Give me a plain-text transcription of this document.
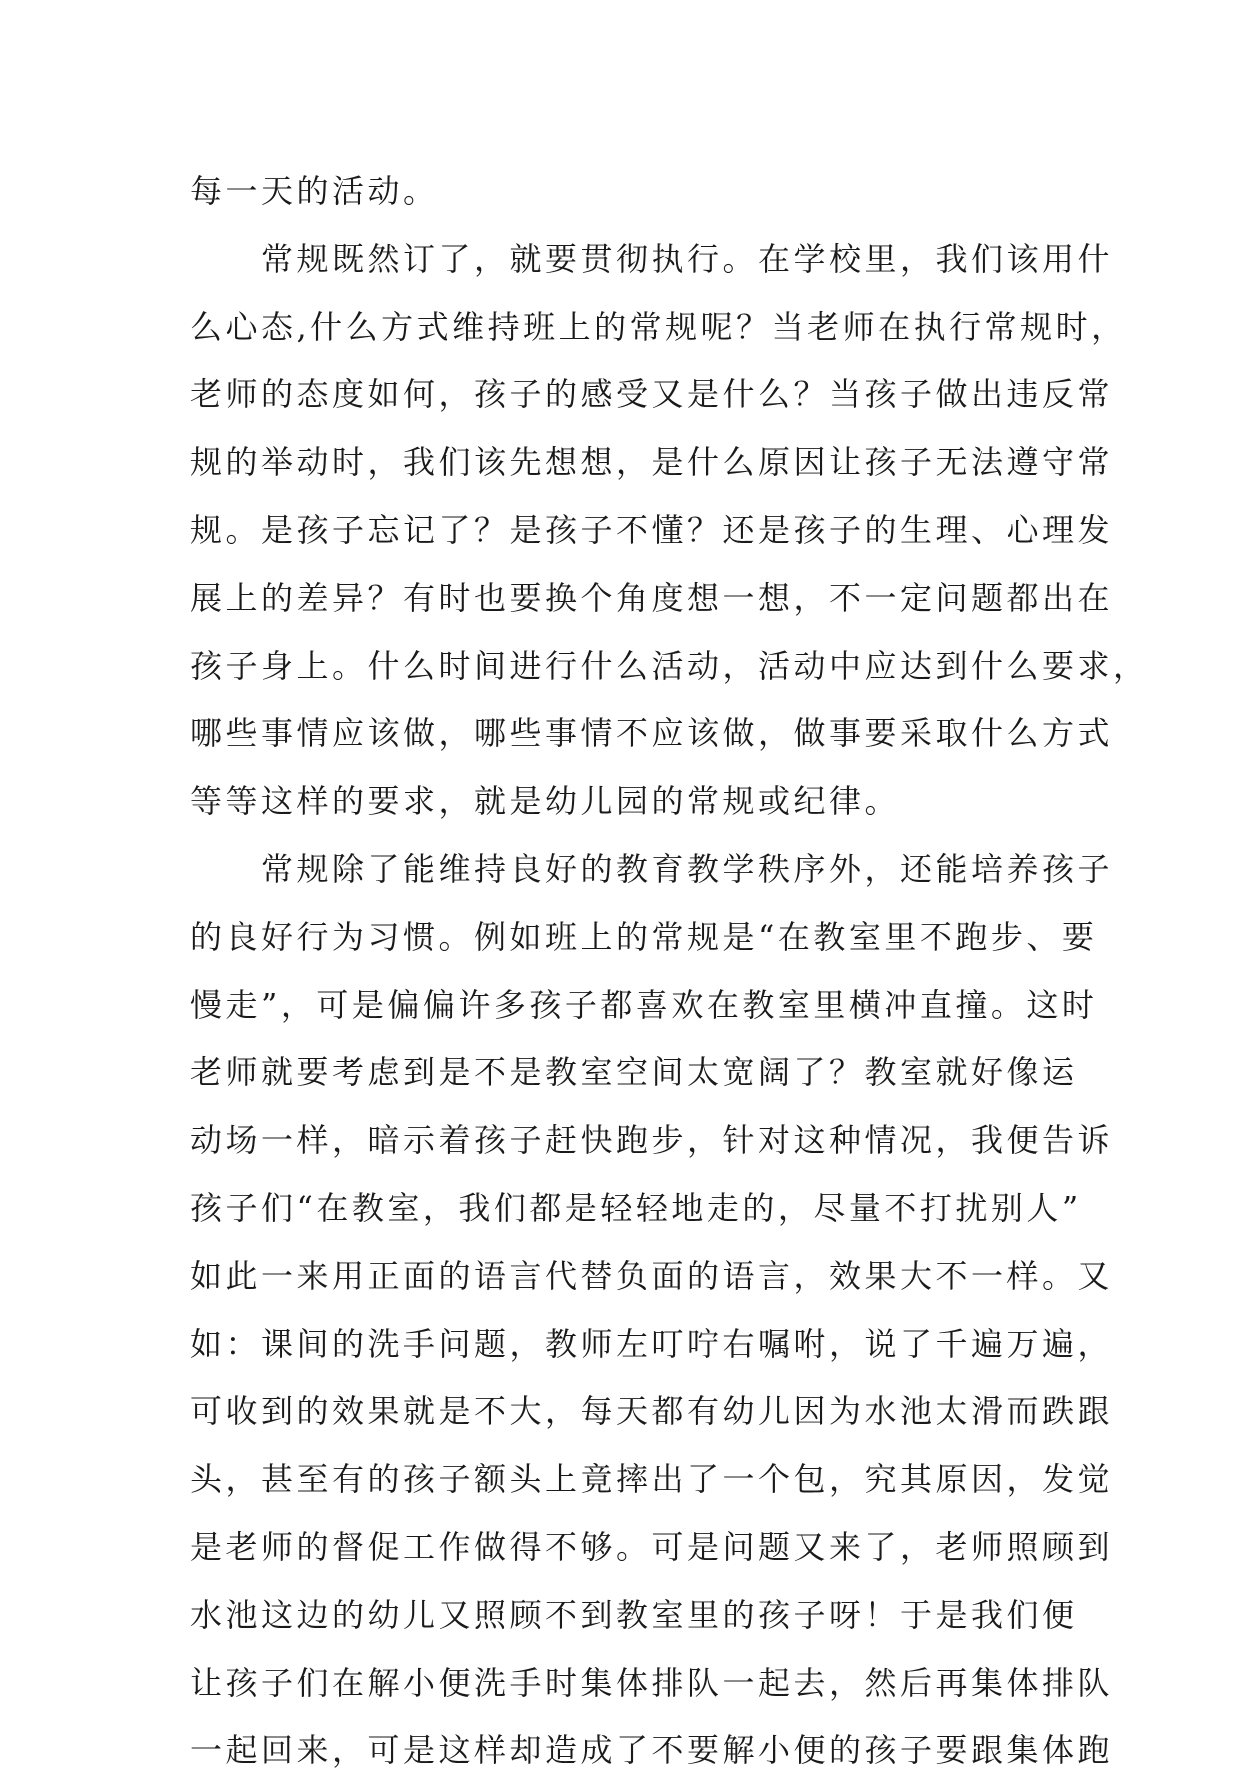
每一天的活动。
　　常规既然订了，就要贯彻执行。在学校里，我们该用什
么心态,什么方式维持班上的常规呢？当老师在执行常规时，
老师的态度如何，孩子的感受又是什么？当孩子做出违反常
规的举动时，我们该先想想，是什么原因让孩子无法遵守常
规。是孩子忘记了？是孩子不懂？还是孩子的生理、心理发
展上的差异？有时也要换个角度想一想，不一定问题都出在
孩子身上。什么时间进行什么活动，活动中应达到什么要求，
哪些事情应该做，哪些事情不应该做，做事要采取什么方式
等等这样的要求，就是幼儿园的常规或纪律。
　　常规除了能维持良好的教育教学秩序外，还能培养孩子
的良好行为习惯。例如班上的常规是“在教室里不跑步、要
慢走”，可是偏偏许多孩子都喜欢在教室里横冲直撞。这时
老师就要考虑到是不是教室空间太宽阔了？教室就好像运
动场一样，暗示着孩子赶快跑步，针对这种情况，我便告诉
孩子们“在教室，我们都是轻轻地走的，尽量不打扰别人”
如此一来用正面的语言代替负面的语言，效果大不一样。又
如：课间的洗手问题，教师左叮咛右嘱咐，说了千遍万遍，
可收到的效果就是不大，每天都有幼儿因为水池太滑而跌跟
头，甚至有的孩子额头上竟摔出了一个包，究其原因，发觉
是老师的督促工作做得不够。可是问题又来了，老师照顾到
水池这边的幼儿又照顾不到教室里的孩子呀！于是我们便
让孩子们在解小便洗手时集体排队一起去，然后再集体排队
一起回来，可是这样却造成了不要解小便的孩子要跟集体跑
